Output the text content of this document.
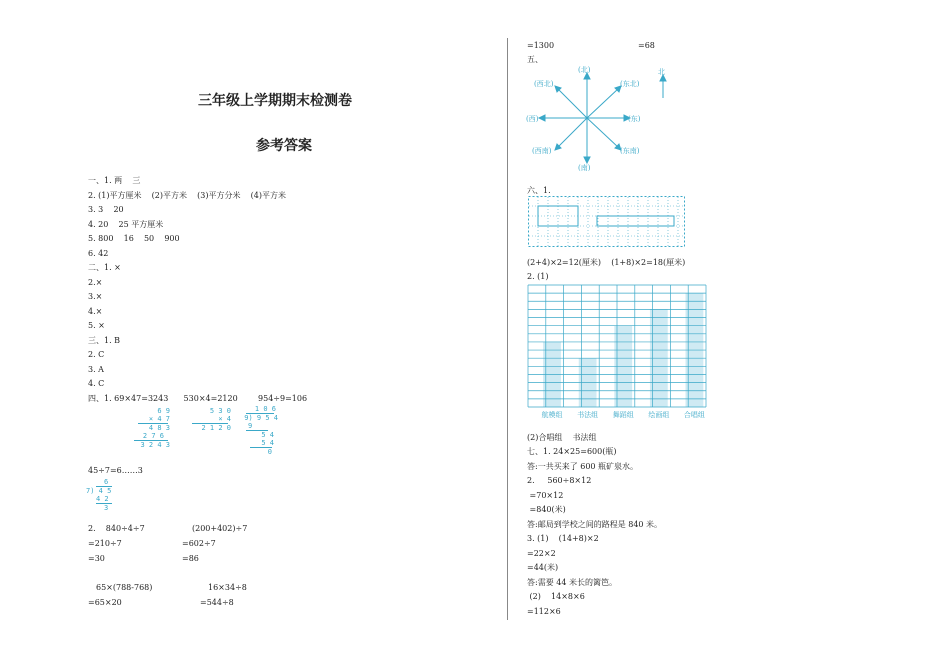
三年级上学期期末检测卷
参考答案
一、1. 两    三
2. (1)平方厘米    (2)平方米    (3)平方分米    (4)平方米
3. 3    20
4. 20    25 平方厘米
5. 800    16    50    900
6. 42
二、1. ×
2.×
3.×
4.×
5. ×
三、1. B
2. C
3. A
4. C
四、1. 69×47=3243      530×4=2120        954÷9=106
6 9
× 4 7
4 8 3
2 7 6
3 2 4 3
5 3 0
× 4
2 1 2 0
1 0 6
9) 9 5 4
9
5 4
5 4
0
45÷7=6……3
6
7) 4 5
4 2
3
2.    840÷4÷7
=210÷7
=30
(200+402)÷7
=602÷7
=86
65×(788-768)
=65×20
16×34÷8
=544÷8
=1300	=68
五、
(北)
(东北)
(东)
(东南)
(南)
(西南)
(西)
(西北)
北
六、1.
(2+4)×2=12(厘米)    (1+8)×2=18(厘米)
2. (1)
航模组 书法组 舞蹈组 绘画组 合唱组
(2)合唱组    书法组
七、1. 24×25=600(瓶)
答:一共买来了 600 瓶矿泉水。
2.     560÷8×12
=70×12
=840(米)
答:邮局到学校之间的路程是 840 米。
3. (1)    (14+8)×2
=22×2
=44(米)
答:需要 44 米长的篱笆。
(2)    14×8×6
=112×6
